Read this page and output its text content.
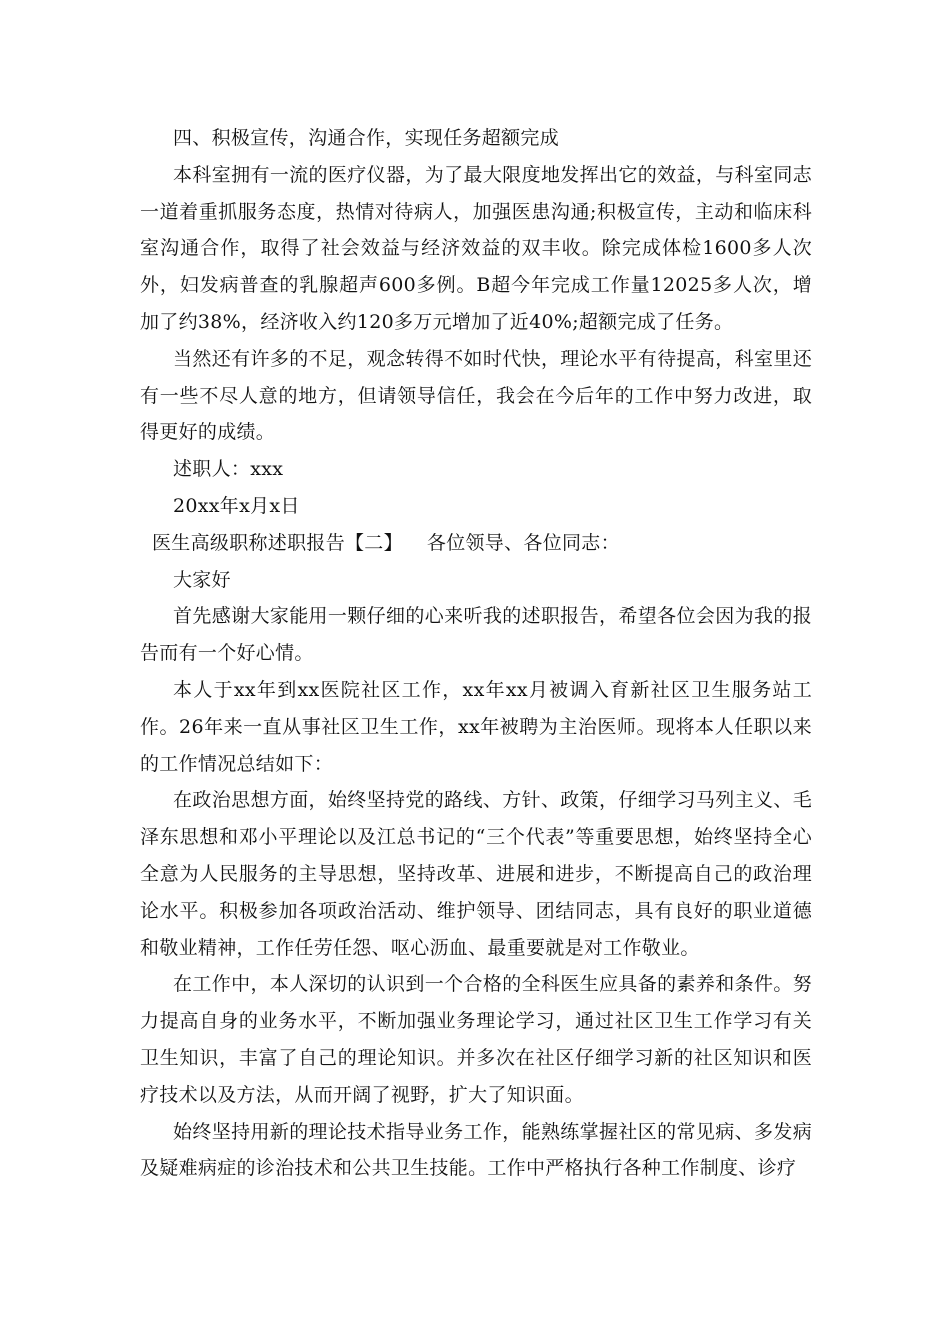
四、积极宣传，沟通合作，实现任务超额完成

本科室拥有一流的医疗仪器，为了最大限度地发挥出它的效益，与科室同志一道着重抓服务态度，热情对待病人，加强医患沟通;积极宣传，主动和临床科室沟通合作，取得了社会效益与经济效益的双丰收。除完成体检1600多人次外，妇发病普查的乳腺超声600多例。B超今年完成工作量12025多人次，增加了约38%，经济收入约120多万元增加了近40%;超额完成了任务。

当然还有许多的不足，观念转得不如时代快，理论水平有待提高，科室里还有一些不尽人意的地方，但请领导信任，我会在今后年的工作中努力改进，取得更好的成绩。

述职人：xxx

20xx年x月x日

医生高级职称述职报告【二】 各位领导、各位同志：

大家好

首先感谢大家能用一颗仔细的心来听我的述职报告，希望各位会因为我的报告而有一个好心情。

本人于xx年到xx医院社区工作，xx年xx月被调入育新社区卫生服务站工作。26年来一直从事社区卫生工作，xx年被聘为主治医师。现将本人任职以来的工作情况总结如下：

在政治思想方面，始终坚持党的路线、方针、政策，仔细学习马列主义、毛泽东思想和邓小平理论以及江总书记的“三个代表”等重要思想，始终坚持全心全意为人民服务的主导思想，坚持改革、进展和进步，不断提高自己的政治理论水平。积极参加各项政治活动、维护领导、团结同志，具有良好的职业道德和敬业精神，工作任劳任怨、呕心沥血、最重要就是对工作敬业。

在工作中，本人深切的认识到一个合格的全科医生应具备的素养和条件。努力提高自身的业务水平，不断加强业务理论学习，通过社区卫生工作学习有关卫生知识，丰富了自己的理论知识。并多次在社区仔细学习新的社区知识和医疗技术以及方法，从而开阔了视野，扩大了知识面。

始终坚持用新的理论技术指导业务工作，能熟练掌握社区的常见病、多发病及疑难病症的诊治技术和公共卫生技能。工作中严格执行各种工作制度、诊疗
